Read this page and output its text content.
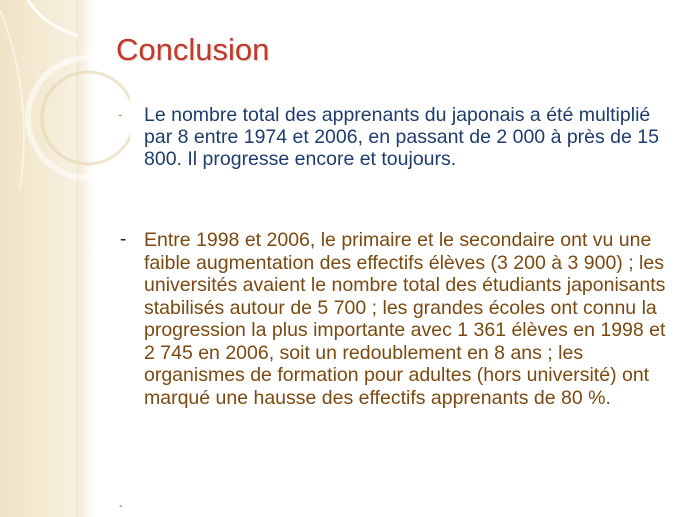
Conclusion
- Le nombre total des apprenants du japonais a été multiplié par 8 entre 1974 et 2006, en passant de 2 000 à près de 15 800. Il progresse encore et toujours.
- Entre 1998 et 2006, le primaire et le secondaire ont vu une faible augmentation des effectifs élèves (3 200 à 3 900) ; les universités avaient le nombre total des étudiants japonisants stabilisés autour de 5 700 ; les grandes écoles ont connu la progression la plus importante avec 1 361 élèves en 1998 et 2 745 en 2006, soit un redoublement en 8 ans ; les organismes de formation pour adultes (hors université) ont marqué une hausse des effectifs apprenants de 80 %.
-
